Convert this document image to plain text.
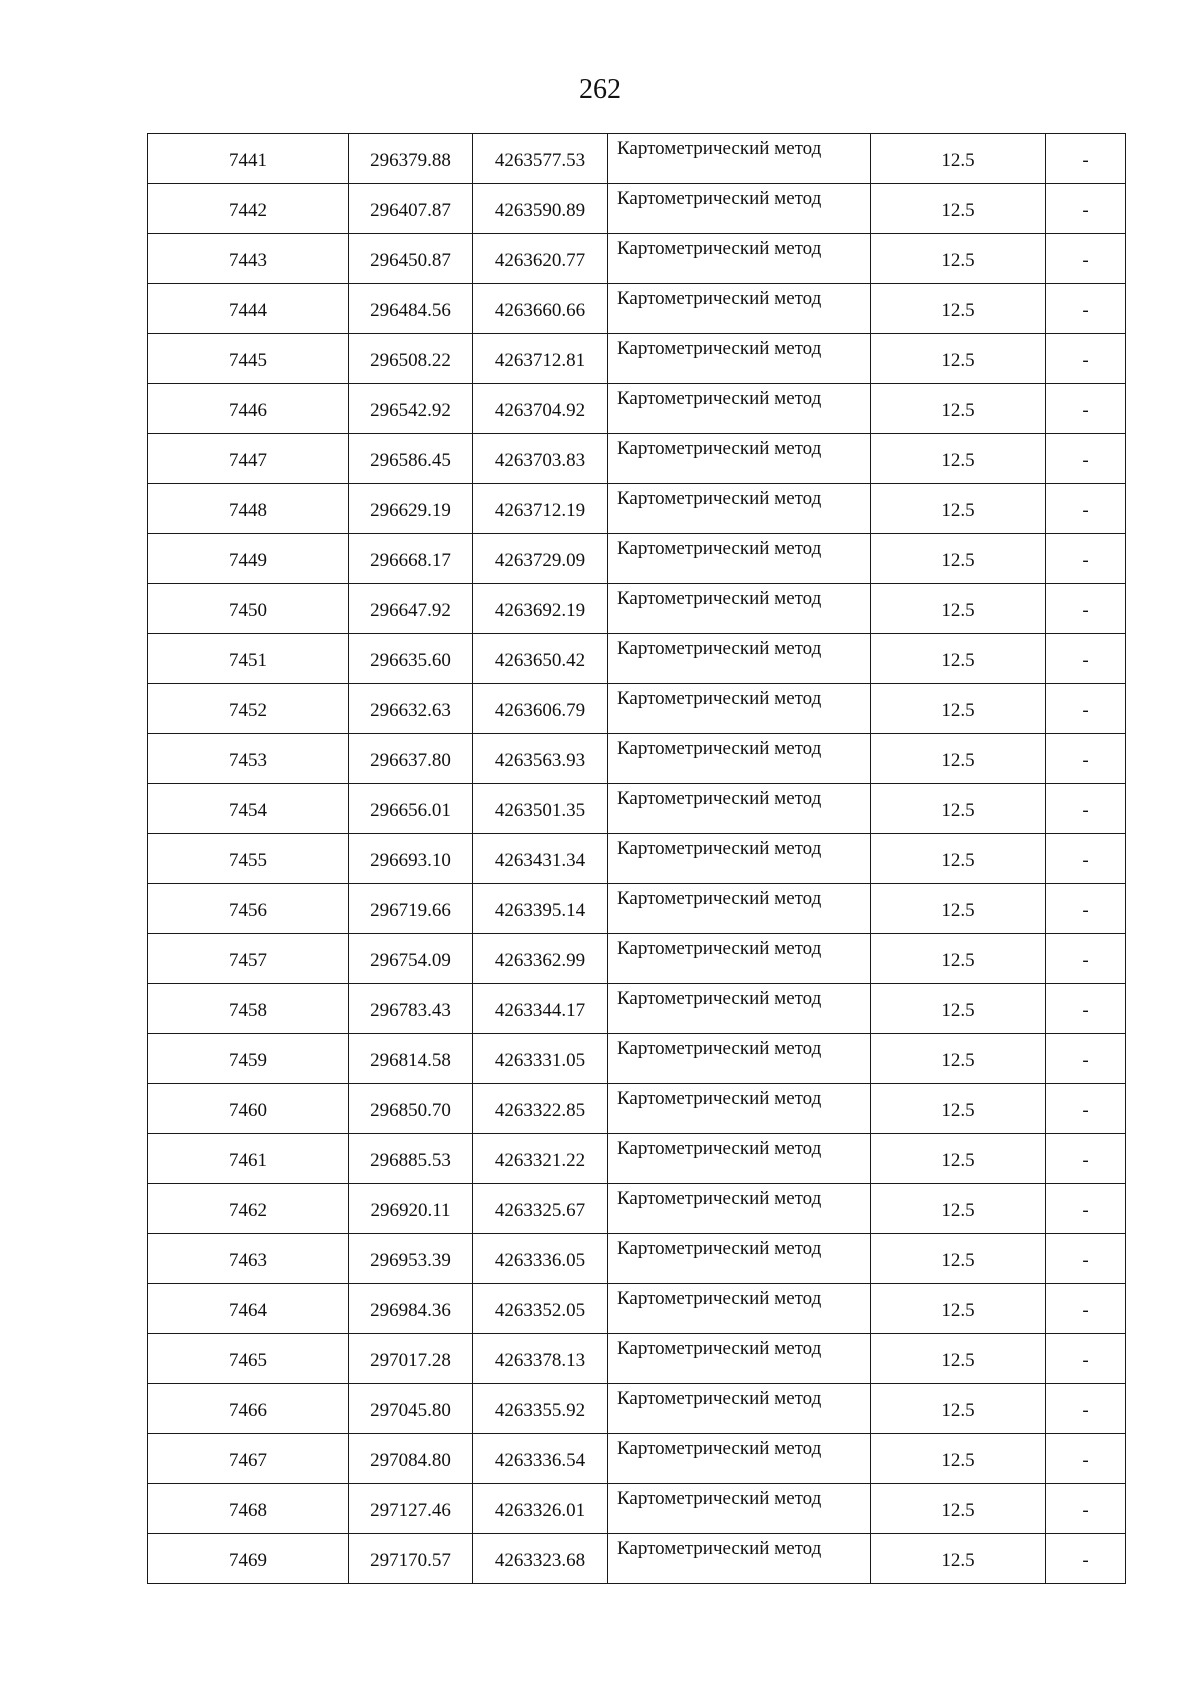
262
7441	296379.88	4263577.53	Картометрический метод	12.5	-
7442	296407.87	4263590.89	Картометрический метод	12.5	-
7443	296450.87	4263620.77	Картометрический метод	12.5	-
7444	296484.56	4263660.66	Картометрический метод	12.5	-
7445	296508.22	4263712.81	Картометрический метод	12.5	-
7446	296542.92	4263704.92	Картометрический метод	12.5	-
7447	296586.45	4263703.83	Картометрический метод	12.5	-
7448	296629.19	4263712.19	Картометрический метод	12.5	-
7449	296668.17	4263729.09	Картометрический метод	12.5	-
7450	296647.92	4263692.19	Картометрический метод	12.5	-
7451	296635.60	4263650.42	Картометрический метод	12.5	-
7452	296632.63	4263606.79	Картометрический метод	12.5	-
7453	296637.80	4263563.93	Картометрический метод	12.5	-
7454	296656.01	4263501.35	Картометрический метод	12.5	-
7455	296693.10	4263431.34	Картометрический метод	12.5	-
7456	296719.66	4263395.14	Картометрический метод	12.5	-
7457	296754.09	4263362.99	Картометрический метод	12.5	-
7458	296783.43	4263344.17	Картометрический метод	12.5	-
7459	296814.58	4263331.05	Картометрический метод	12.5	-
7460	296850.70	4263322.85	Картометрический метод	12.5	-
7461	296885.53	4263321.22	Картометрический метод	12.5	-
7462	296920.11	4263325.67	Картометрический метод	12.5	-
7463	296953.39	4263336.05	Картометрический метод	12.5	-
7464	296984.36	4263352.05	Картометрический метод	12.5	-
7465	297017.28	4263378.13	Картометрический метод	12.5	-
7466	297045.80	4263355.92	Картометрический метод	12.5	-
7467	297084.80	4263336.54	Картометрический метод	12.5	-
7468	297127.46	4263326.01	Картометрический метод	12.5	-
7469	297170.57	4263323.68	Картометрический метод	12.5	-
